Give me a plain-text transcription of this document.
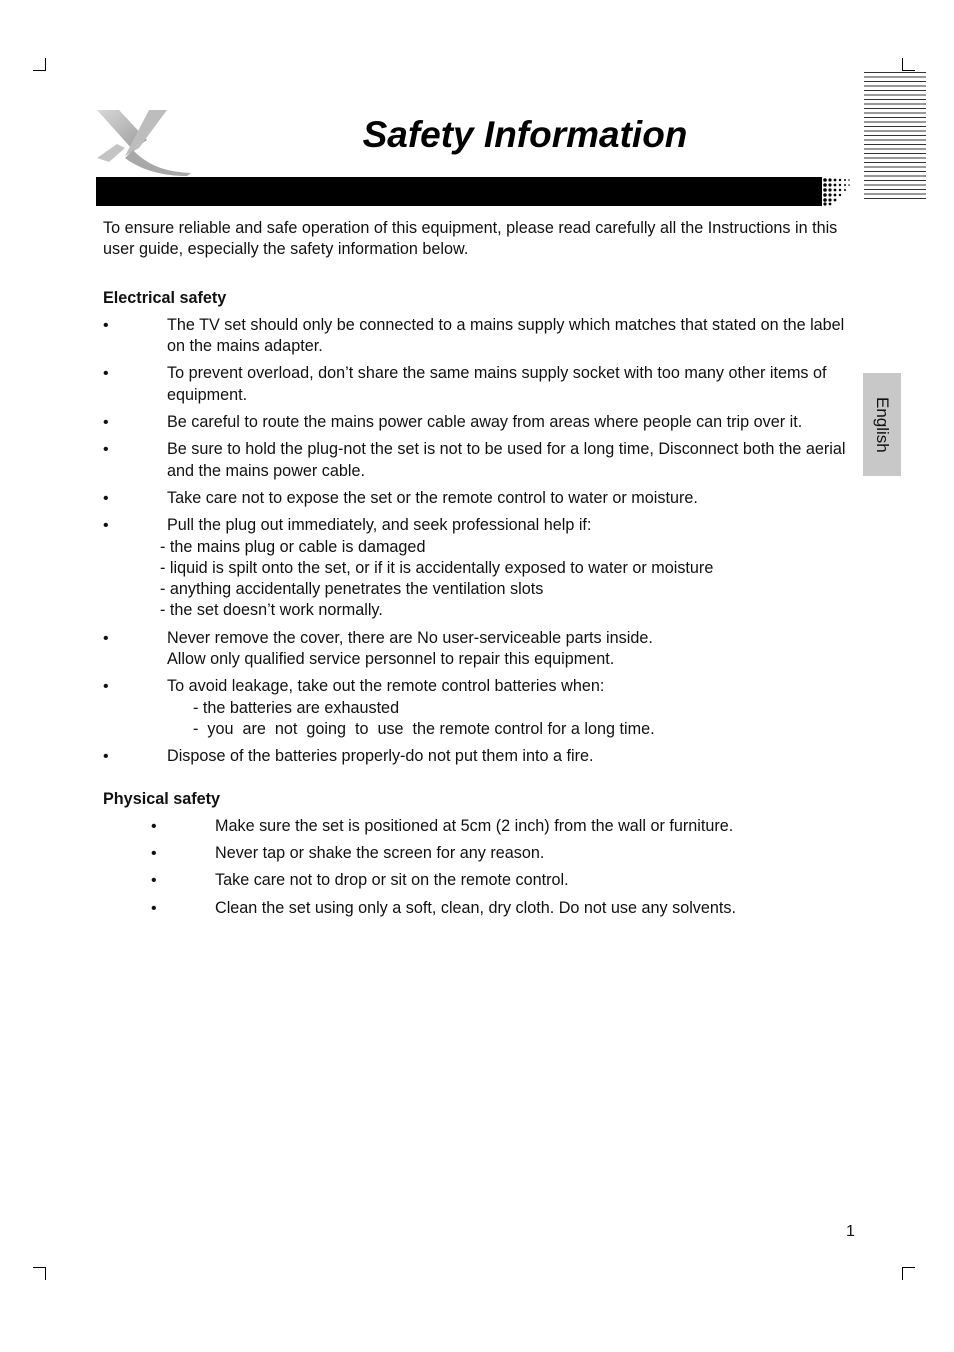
Safety Information
English

To ensure reliable and safe operation of this equipment, please read carefully all the Instructions in this user guide, especially the safety information below.

Electrical safety

•	The TV set should only be connected to a mains supply which matches that stated on the label on the mains adapter.
•	To prevent overload, don’t share the same mains supply socket with too many other items of equipment.
•	Be careful to route the mains power cable away from areas where people can trip over it.
•	Be sure to hold the plug-not the set is not to be used for a long time, Disconnect both the aerial and the mains power cable.
•	Take care not to expose the set or the remote control to water or moisture.
•	Pull the plug out immediately, and seek professional help if:
- the mains plug or cable is damaged
- liquid is spilt onto the set, or if it is accidentally exposed to water or moisture
- anything accidentally penetrates the ventilation slots
- the set doesn’t work normally.
•	Never remove the cover, there are No user-serviceable parts inside.
Allow only qualified service personnel to repair this equipment.
•	To avoid leakage, take out the remote control batteries when:
- the batteries are exhausted
-  you  are  not  going  to  use  the remote control for a long time.
•	Dispose of the batteries properly-do not put them into a fire.

Physical safety

•	Make sure the set is positioned at 5cm (2 inch) from the wall or furniture.
•	Never tap or shake the screen for any reason.
•	Take care not to drop or sit on the remote control.
•	Clean the set using only a soft, clean, dry cloth. Do not use any solvents.
1
